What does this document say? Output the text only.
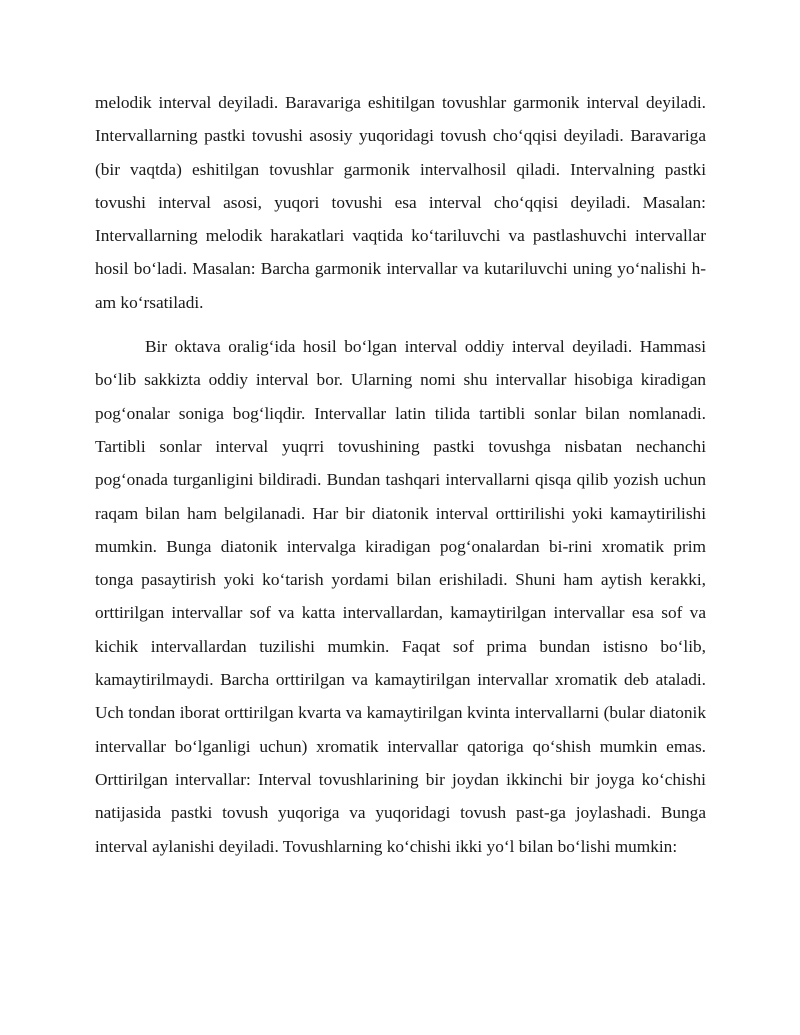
melodik interval deyiladi. Baravariga eshitilgan tovushlar garmonik interval deyiladi. Intervallarning pastki tovushi asosiy yuqoridagi tovush cho‘qqisi deyiladi. Baravariga (bir vaqtda) eshitilgan tovushlar garmonik intervalhosil qiladi. Intervalning pastki tovushi interval asosi, yuqori tovushi esa interval cho‘qqisi deyiladi. Masalan: Intervallarning melodik harakatlari vaqtida ko‘tariluvchi va pastlashuvchi intervallar hosil bo‘ladi. Masalan: Barcha garmonik intervallar va kutariluvchi uning yo‘nalishi h-am ko‘rsatiladi.

Bir oktava oralig‘ida hosil bo‘lgan interval oddiy interval deyiladi. Hammasi bo‘lib sakkizta oddiy interval bor. Ularning nomi shu intervallar hisobiga kiradigan pog‘onalar soniga bog‘liqdir. Intervallar latin tilida tartibli sonlar bilan nomlanadi. Tartibli sonlar interval yuqrri tovushining pastki tovushga nisbatan nechanchi pog‘onada turganligini bildiradi. Bundan tashqari intervallarni qisqa qilib yozish uchun raqam bilan ham belgilanadi. Har bir diatonik interval orttirilishi yoki kamaytirilishi mumkin. Bunga diatonik intervalga kiradigan pog‘onalardan bi-rini xromatik prim tonga pasaytirish yoki ko‘tarish yordami bilan erishiladi. Shuni ham aytish kerakki, orttirilgan intervallar sof va katta intervallardan, kamaytirilgan intervallar esa sof va kichik intervallardan tuzilishi mumkin. Faqat sof prima bundan istisno bo‘lib, kamaytirilmaydi. Barcha orttirilgan va kamaytirilgan intervallar xromatik deb ataladi. Uch tondan iborat orttirilgan kvarta va kamaytirilgan kvinta intervallarni (bular diatonik intervallar bo‘lganligi uchun) xromatik intervallar qatoriga qo‘shish mumkin emas. Orttirilgan intervallar: Interval tovushlarining bir joydan ikkinchi bir joyga ko‘chishi natijasida pastki tovush yuqoriga va yuqoridagi tovush past-ga joylashadi. Bunga interval aylanishi deyiladi. Tovushlarning ko‘chishi ikki yo‘l bilan bo‘lishi mumkin:
